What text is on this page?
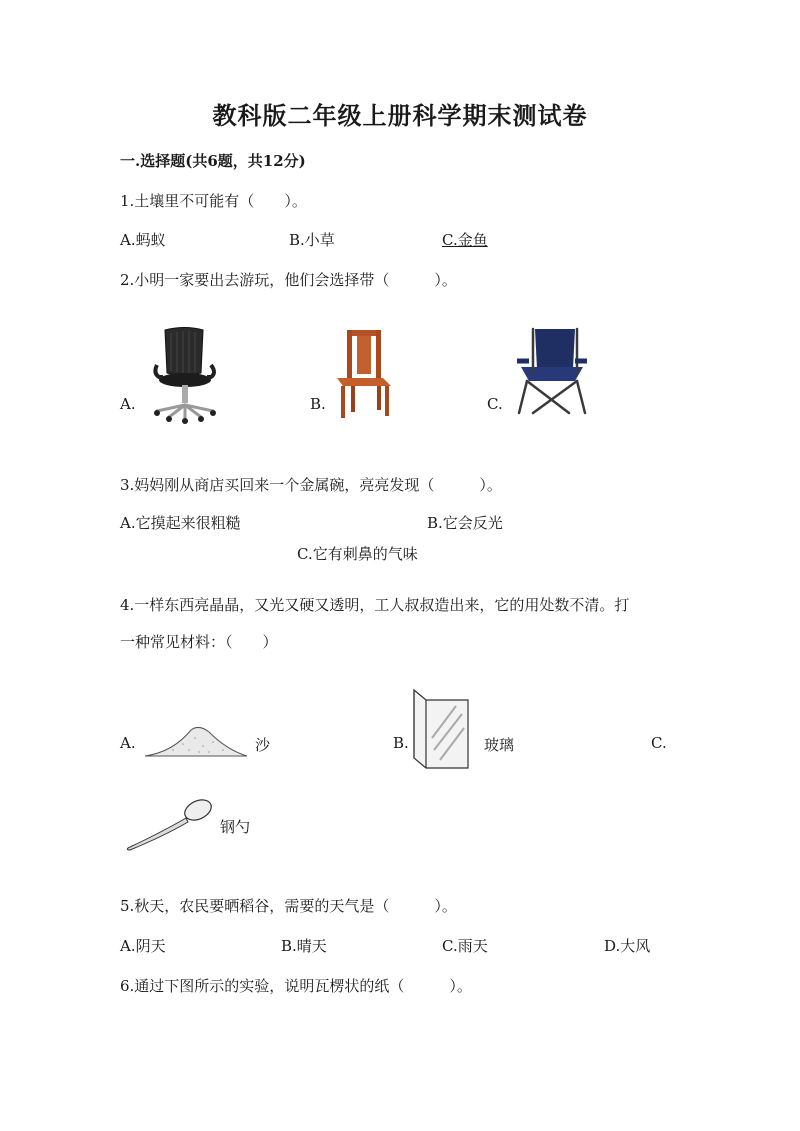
教科版二年级上册科学期末测试卷
一.选择题(共6题，共12分)
1.土壤里不可能有（　　）。
A.蚂蚁	B.小草	C.金鱼
2.小明一家要出去游玩，他们会选择带（　　　）。
A.	B.	C.
3.妈妈刚从商店买回来一个金属碗，亮亮发现（　　　）。
A.它摸起来很粗糙	B.它会反光
C.它有刺鼻的气味
4.一样东西亮晶晶，又光又硬又透明，工人叔叔造出来，它的用处数不清。打
一种常见材料：（　　）
A.	沙	B.	玻璃	C.
钢勺
5.秋天，农民要晒稻谷，需要的天气是（　　　）。
A.阴天	B.晴天	C.雨天	D.大风
6.通过下图所示的实验，说明瓦楞状的纸（　　　）。
